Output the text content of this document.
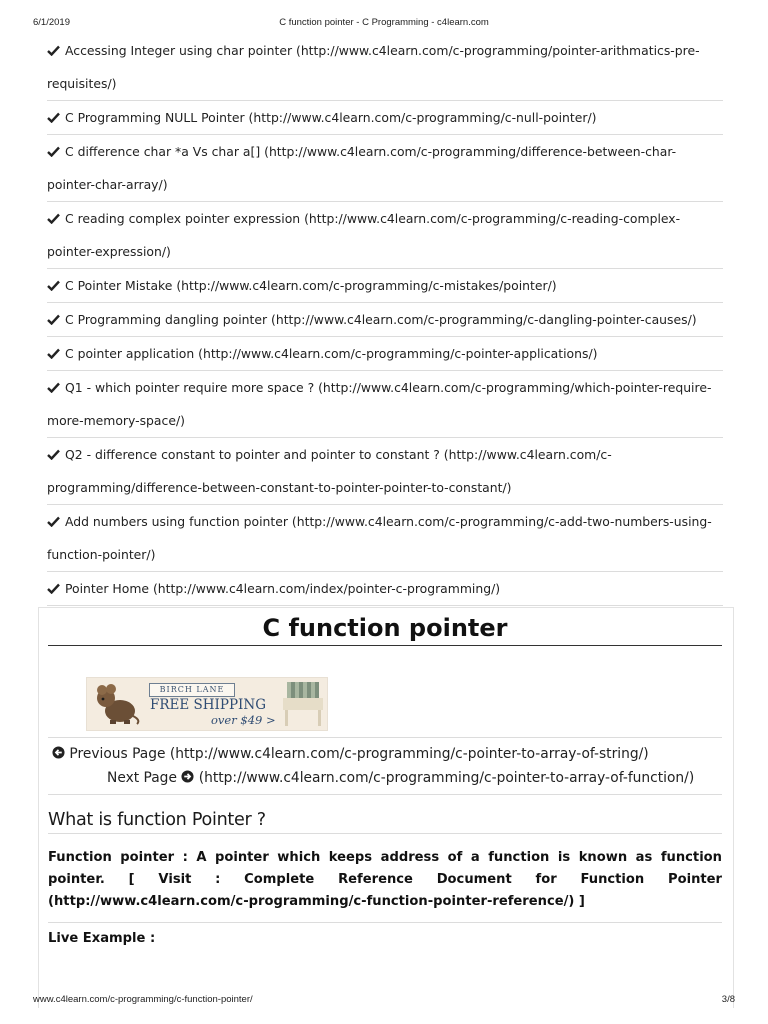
6/1/2019	C function pointer - C Programming - c4learn.com
Accessing Integer using char pointer (http://www.c4learn.com/c-programming/pointer-arithmatics-pre-requisites/)
C Programming NULL Pointer (http://www.c4learn.com/c-programming/c-null-pointer/)
C difference char *a Vs char a[] (http://www.c4learn.com/c-programming/difference-between-char-pointer-char-array/)
C reading complex pointer expression (http://www.c4learn.com/c-programming/c-reading-complex-pointer-expression/)
C Pointer Mistake (http://www.c4learn.com/c-programming/c-mistakes/pointer/)
C Programming dangling pointer (http://www.c4learn.com/c-programming/c-dangling-pointer-causes/)
C pointer application (http://www.c4learn.com/c-programming/c-pointer-applications/)
Q1 - which pointer require more space ? (http://www.c4learn.com/c-programming/which-pointer-require-more-memory-space/)
Q2 - difference constant to pointer and pointer to constant ? (http://www.c4learn.com/c-programming/difference-between-constant-to-pointer-pointer-to-constant/)
Add numbers using function pointer (http://www.c4learn.com/c-programming/c-add-two-numbers-using-function-pointer/)
Pointer Home (http://www.c4learn.com/index/pointer-c-programming/)
C function pointer
BIRCH LANE
FREE SHIPPING
over $49 >
Previous Page (http://www.c4learn.com/c-programming/c-pointer-to-array-of-string/)
Next Page (http://www.c4learn.com/c-programming/c-pointer-to-array-of-function/)
What is function Pointer ?
Function pointer : A pointer which keeps address of a function is known as function pointer. [ Visit : Complete Reference Document for Function Pointer (http://www.c4learn.com/c-programming/c-function-pointer-reference/) ]
Live Example :
www.c4learn.com/c-programming/c-function-pointer/	3/8
